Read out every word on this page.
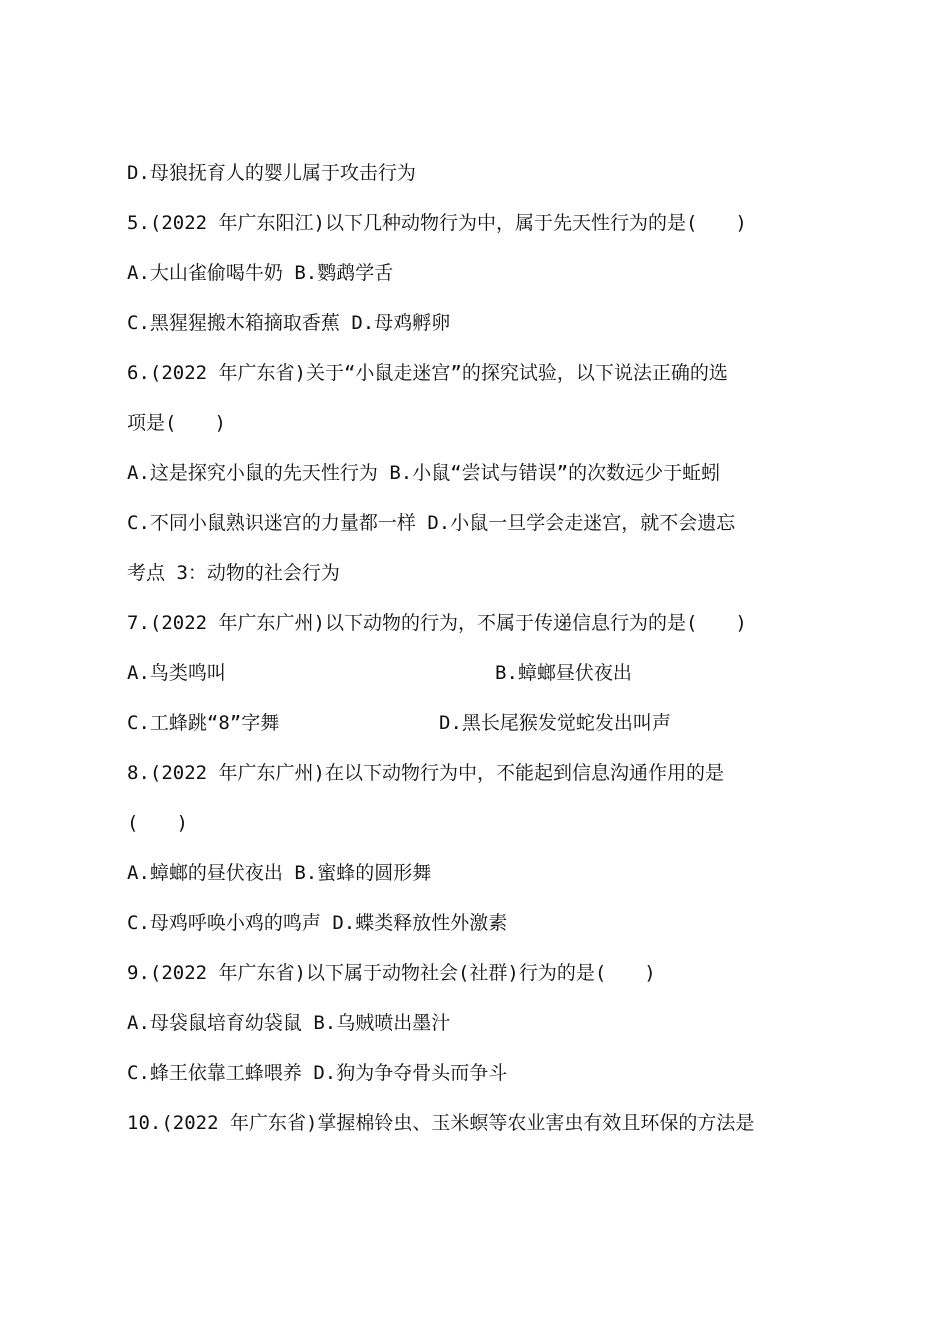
D.母狼抚育人的婴儿属于攻击行为
5.(2022 年广东阳江)以下几种动物行为中，属于先天性行为的是(　　)
A.大山雀偷喝牛奶 B.鹦鹉学舌
C.黑猩猩搬木箱摘取香蕉 D.母鸡孵卵
6.(2022 年广东省)关于“小鼠走迷宫”的探究试验，以下说法正确的选
项是(　　)
A.这是探究小鼠的先天性行为 B.小鼠“尝试与错误”的次数远少于蚯蚓
C.不同小鼠熟识迷宫的力量都一样 D.小鼠一旦学会走迷宫，就不会遗忘
考点 3：动物的社会行为
7.(2022 年广东广州)以下动物的行为，不属于传递信息行为的是(　　)
A.鸟类鸣叫	B.蟑螂昼伏夜出
C.工蜂跳“8”字舞	D.黑长尾猴发觉蛇发出叫声
8.(2022 年广东广州)在以下动物行为中，不能起到信息沟通作用的是
(　　)
A.蟑螂的昼伏夜出 B.蜜蜂的圆形舞
C.母鸡呼唤小鸡的鸣声 D.蝶类释放性外激素
9.(2022 年广东省)以下属于动物社会(社群)行为的是(　　)
A.母袋鼠培育幼袋鼠 B.乌贼喷出墨汁
C.蜂王依靠工蜂喂养 D.狗为争夺骨头而争斗
10.(2022 年广东省)掌握棉铃虫、玉米螟等农业害虫有效且环保的方法是
